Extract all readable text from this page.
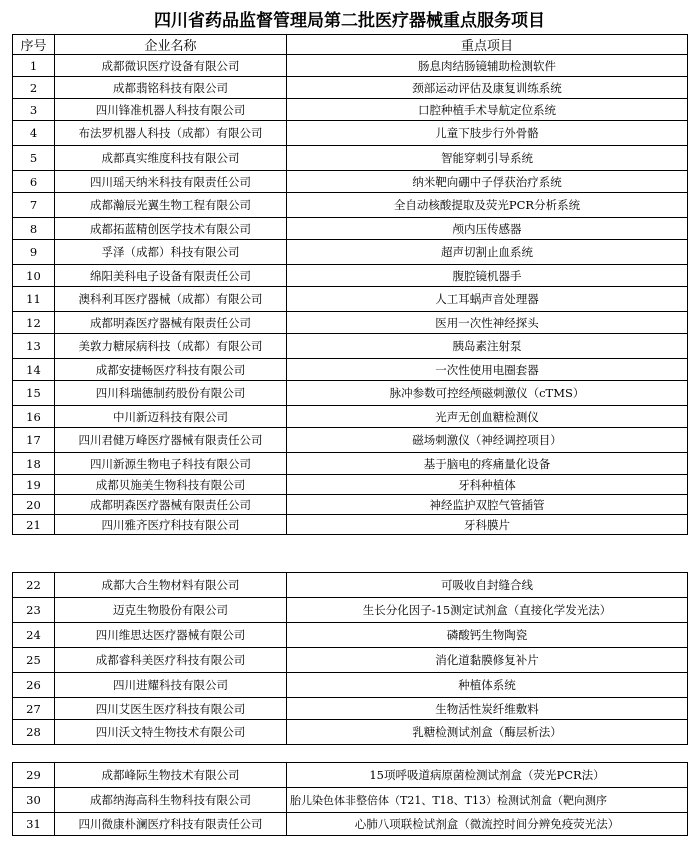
四川省药品监督管理局第二批医疗器械重点服务项目
序号	企业名称	重点项目
1	成都微识医疗设备有限公司	肠息肉结肠镜辅助检测软件
2	成都翡铭科技有限公司	颈部运动评估及康复训练系统
3	四川锋准机器人科技有限公司	口腔种植手术导航定位系统
4	布法罗机器人科技（成都）有限公司	儿童下肢步行外骨骼
5	成都真实维度科技有限公司	智能穿刺引导系统
6	四川瑶天纳米科技有限责任公司	纳米靶向硼中子俘获治疗系统
7	成都瀚辰光翼生物工程有限公司	全自动核酸提取及荧光PCR分析系统
8	成都拓蓝精创医学技术有限公司	颅内压传感器
9	孚泽（成都）科技有限公司	超声切割止血系统
10	绵阳美科电子设备有限责任公司	腹腔镜机器手
11	澳科利耳医疗器械（成都）有限公司	人工耳蜗声音处理器
12	成都明森医疗器械有限责任公司	医用一次性神经探头
13	美敦力糖尿病科技（成都）有限公司	胰岛素注射泵
14	成都安捷畅医疗科技有限公司	一次性使用电圈套器
15	四川科瑞德制药股份有限公司	脉冲参数可控经颅磁刺激仪（cTMS）
16	中川新迈科技有限公司	光声无创血糖检测仪
17	四川君健万峰医疗器械有限责任公司	磁场刺激仪（神经调控项目）
18	四川新源生物电子科技有限公司	基于脑电的疼痛量化设备
19	成都贝施美生物科技有限公司	牙科种植体
20	成都明森医疗器械有限责任公司	神经监护双腔气管插管
21	四川雅齐医疗科技有限公司	牙科膜片
22	成都大合生物材料有限公司	可吸收自封缝合线
23	迈克生物股份有限公司	生长分化因子-15测定试剂盒（直接化学发光法）
24	四川维思达医疗器械有限公司	磷酸钙生物陶瓷
25	成都睿科美医疗科技有限公司	消化道黏膜修复补片
26	四川进耀科技有限公司	种植体系统
27	四川艾医生医疗科技有限公司	生物活性炭纤维敷料
28	四川沃文特生物技术有限公司	乳糖检测试剂盒（酶层析法）
29	成都峰际生物技术有限公司	15项呼吸道病原菌检测试剂盒（荧光PCR法）
30	成都纳海高科生物科技有限公司	胎儿染色体非整倍体（T21、T18、T13）检测试剂盒（靶向测序
31	四川微康朴澜医疗科技有限责任公司	心肺八项联检试剂盒（微流控时间分辨免疫荧光法）
